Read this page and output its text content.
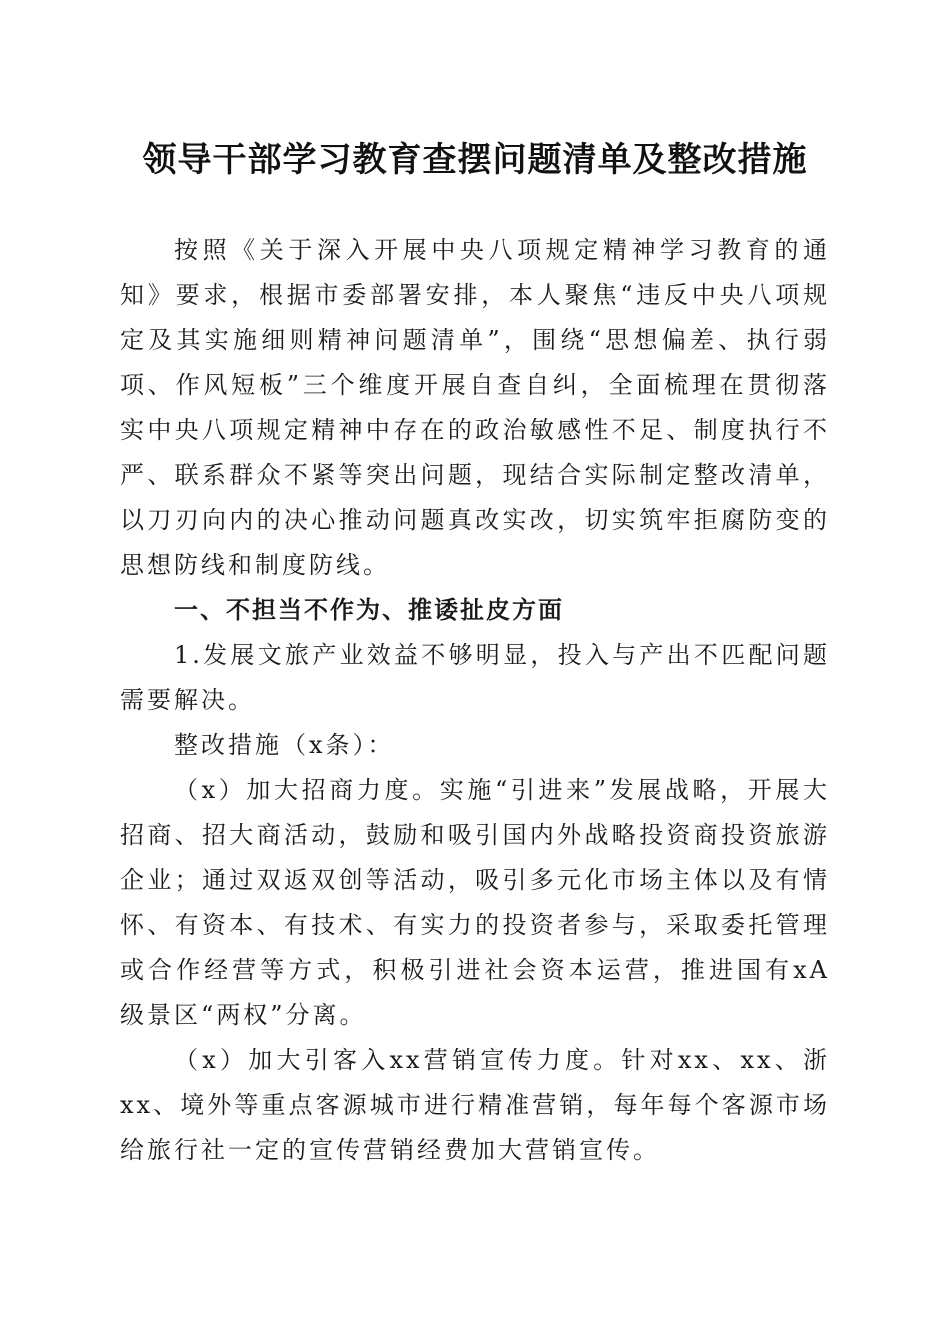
领导干部学习教育查摆问题清单及整改措施

按照《关于深入开展中央八项规定精神学习教育的通知》要求，根据市委部署安排，本人聚焦“违反中央八项规定及其实施细则精神问题清单”，围绕“思想偏差、执行弱项、作风短板”三个维度开展自查自纠，全面梳理在贯彻落实中央八项规定精神中存在的政治敏感性不足、制度执行不严、联系群众不紧等突出问题，现结合实际制定整改清单，以刀刃向内的决心推动问题真改实改，切实筑牢拒腐防变的思想防线和制度防线。

一、不担当不作为、推诿扯皮方面

1.发展文旅产业效益不够明显，投入与产出不匹配问题需要解决。

整改措施（x条）：

（x）加大招商力度。实施“引进来”发展战略，开展大招商、招大商活动，鼓励和吸引国内外战略投资商投资旅游企业；通过双返双创等活动，吸引多元化市场主体以及有情怀、有资本、有技术、有实力的投资者参与，采取委托管理或合作经营等方式，积极引进社会资本运营，推进国有xA级景区“两权”分离。

（x）加大引客入xx营销宣传力度。针对xx、xx、浙xx、境外等重点客源城市进行精准营销，每年每个客源市场给旅行社一定的宣传营销经费加大营销宣传。
